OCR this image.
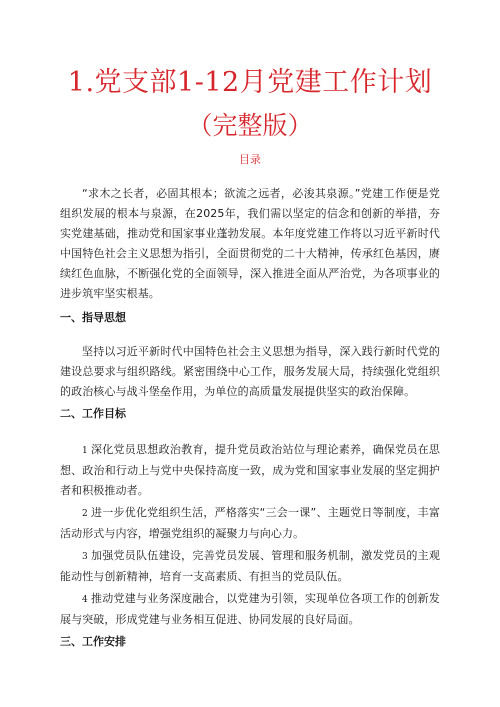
1.党支部1-12月党建工作计划
（完整版）
目录

“求木之长者，必固其根本；欲流之远者，必浚其泉源。”党建工作便是党组织发展的根本与泉源，在2025年，我们需以坚定的信念和创新的举措，夯实党建基础，推动党和国家事业蓬勃发展。本年度党建工作将以习近平新时代中国特色社会主义思想为指引，全面贯彻党的二十大精神，传承红色基因，赓续红色血脉，不断强化党的全面领导，深入推进全面从严治党，为各项事业的进步筑牢坚实根基。

一、指导思想

坚持以习近平新时代中国特色社会主义思想为指导，深入践行新时代党的建设总要求与组织路线。紧密围绕中心工作，服务发展大局，持续强化党组织的政治核心与战斗堡垒作用，为单位的高质量发展提供坚实的政治保障。

二、工作目标

1 深化党员思想政治教育，提升党员政治站位与理论素养，确保党员在思想、政治和行动上与党中央保持高度一致，成为党和国家事业发展的坚定拥护者和积极推动者。

2 进一步优化党组织生活，严格落实“三会一课”、主题党日等制度，丰富活动形式与内容，增强党组织的凝聚力与向心力。

3 加强党员队伍建设，完善党员发展、管理和服务机制，激发党员的主观能动性与创新精神，培育一支高素质、有担当的党员队伍。

4 推动党建与业务深度融合，以党建为引领，实现单位各项工作的创新发展与突破，形成党建与业务相互促进、协同发展的良好局面。

三、工作安排
